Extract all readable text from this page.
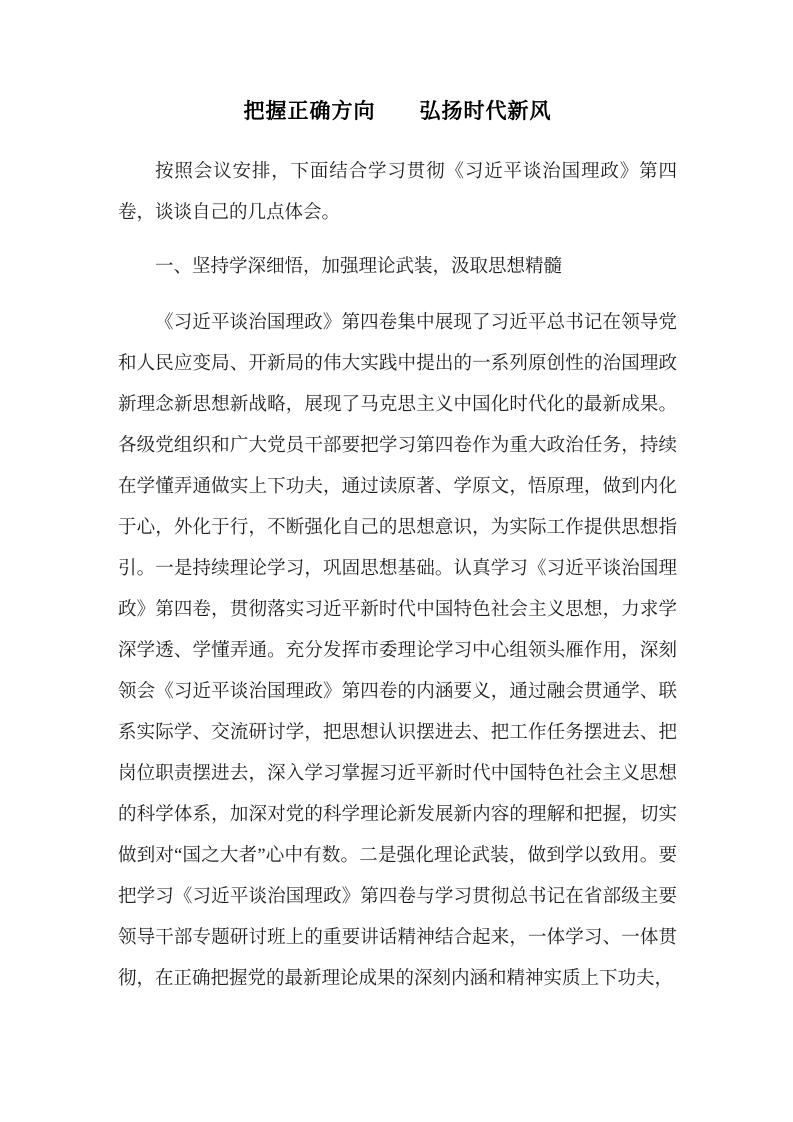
把握正确方向　　弘扬时代新风

按照会议安排，下面结合学习贯彻《习近平谈治国理政》第四卷，谈谈自己的几点体会。

一、坚持学深细悟，加强理论武装，汲取思想精髓

《习近平谈治国理政》第四卷集中展现了习近平总书记在领导党和人民应变局、开新局的伟大实践中提出的一系列原创性的治国理政新理念新思想新战略，展现了马克思主义中国化时代化的最新成果。各级党组织和广大党员干部要把学习第四卷作为重大政治任务，持续在学懂弄通做实上下功夫，通过读原著、学原文，悟原理，做到内化于心，外化于行，不断强化自己的思想意识，为实际工作提供思想指引。一是持续理论学习，巩固思想基础。认真学习《习近平谈治国理政》第四卷，贯彻落实习近平新时代中国特色社会主义思想，力求学深学透、学懂弄通。充分发挥市委理论学习中心组领头雁作用，深刻领会《习近平谈治国理政》第四卷的内涵要义，通过融会贯通学、联系实际学、交流研讨学，把思想认识摆进去、把工作任务摆进去、把岗位职责摆进去，深入学习掌握习近平新时代中国特色社会主义思想的科学体系，加深对党的科学理论新发展新内容的理解和把握，切实做到对“国之大者”心中有数。二是强化理论武装，做到学以致用。要把学习《习近平谈治国理政》第四卷与学习贯彻总书记在省部级主要领导干部专题研讨班上的重要讲话精神结合起来，一体学习、一体贯彻，在正确把握党的最新理论成果的深刻内涵和精神实质上下功夫，
